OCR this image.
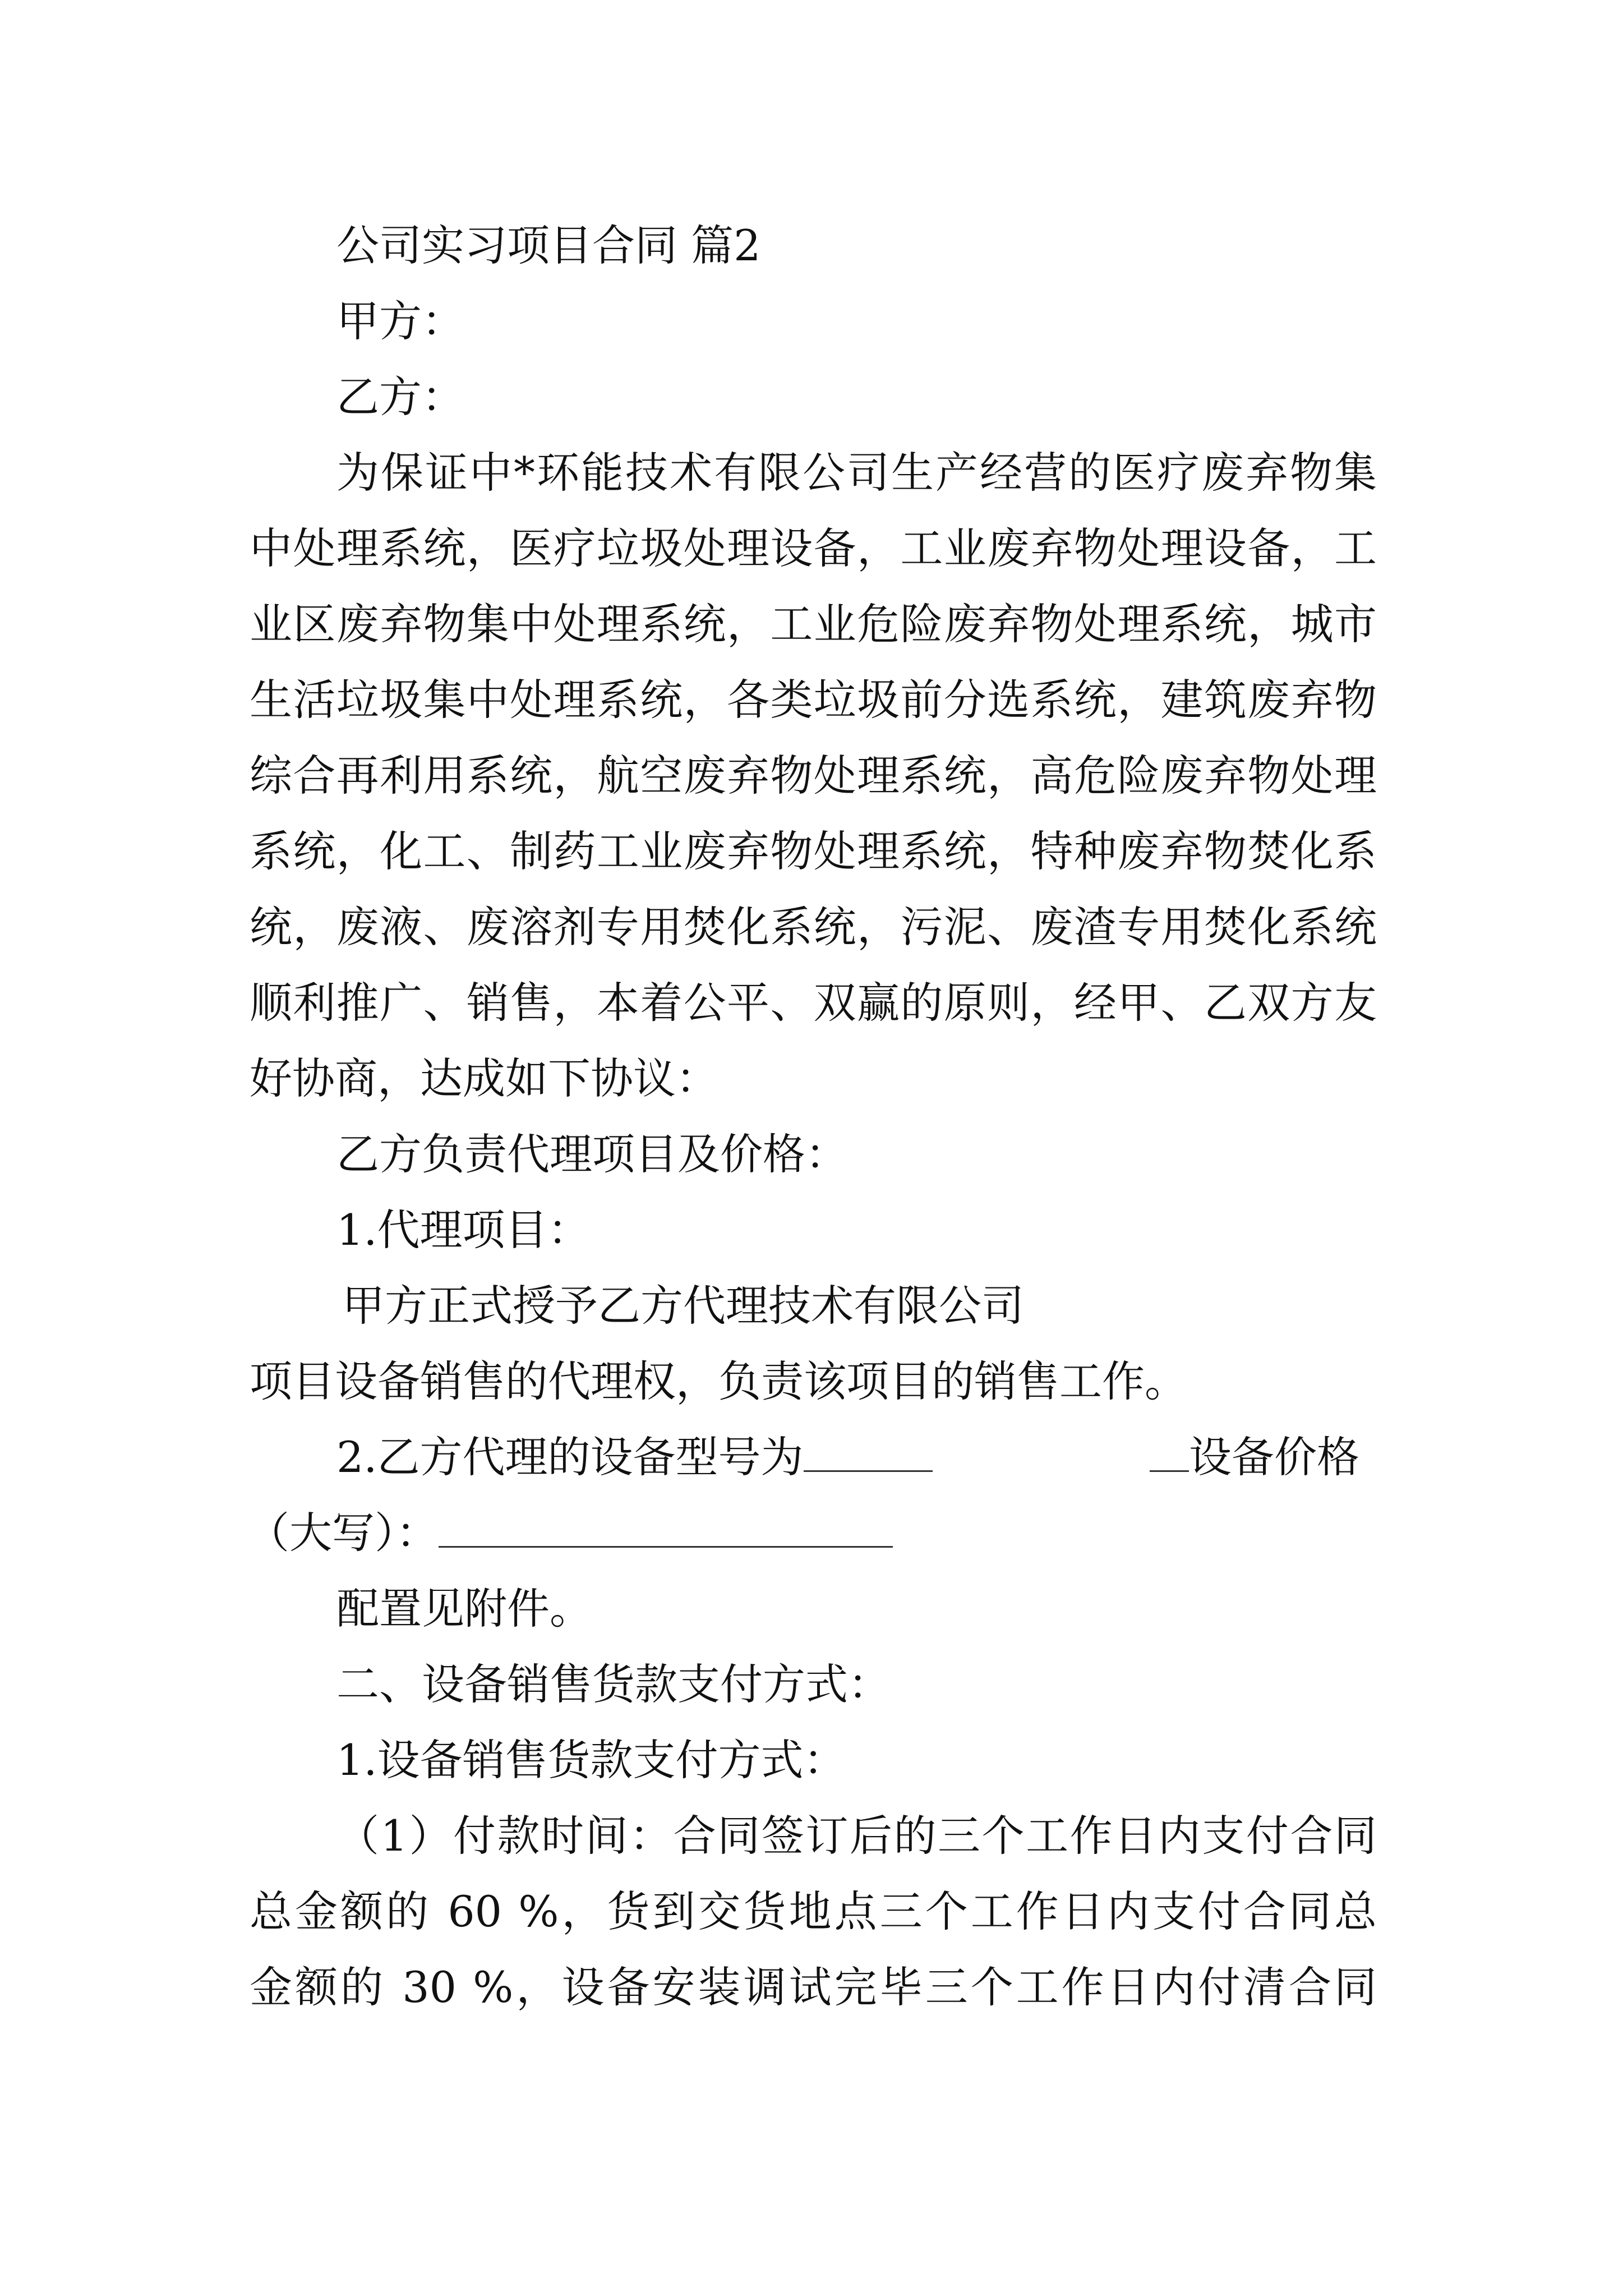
公司实习项目合同 篇2
甲方：
乙方：
为保证中*环能技术有限公司生产经营的医疗废弃物集
中处理系统，医疗垃圾处理设备，工业废弃物处理设备，工
业区废弃物集中处理系统，工业危险废弃物处理系统，城市
生活垃圾集中处理系统，各类垃圾前分选系统，建筑废弃物
综合再利用系统，航空废弃物处理系统，高危险废弃物处理
系统，化工、制药工业废弃物处理系统，特种废弃物焚化系
统，废液、废溶剂专用焚化系统，污泥、废渣专用焚化系统
顺利推广、销售，本着公平、双赢的原则，经甲、乙双方友
好协商，达成如下协议：
乙方负责代理项目及价格：
1.代理项目：
甲方正式授予乙方代理技术有限公司
项目设备销售的代理权，负责该项目的销售工作。
2.乙方代理的设备型号为	设备价格
（大写）：
配置见附件。
二、设备销售货款支付方式：
1.设备销售货款支付方式：
（1）付款时间：合同签订后的三个工作日内支付合同
总金额的 60 %，货到交货地点三个工作日内支付合同总
金额的 30 %，设备安装调试完毕三个工作日内付清合同
